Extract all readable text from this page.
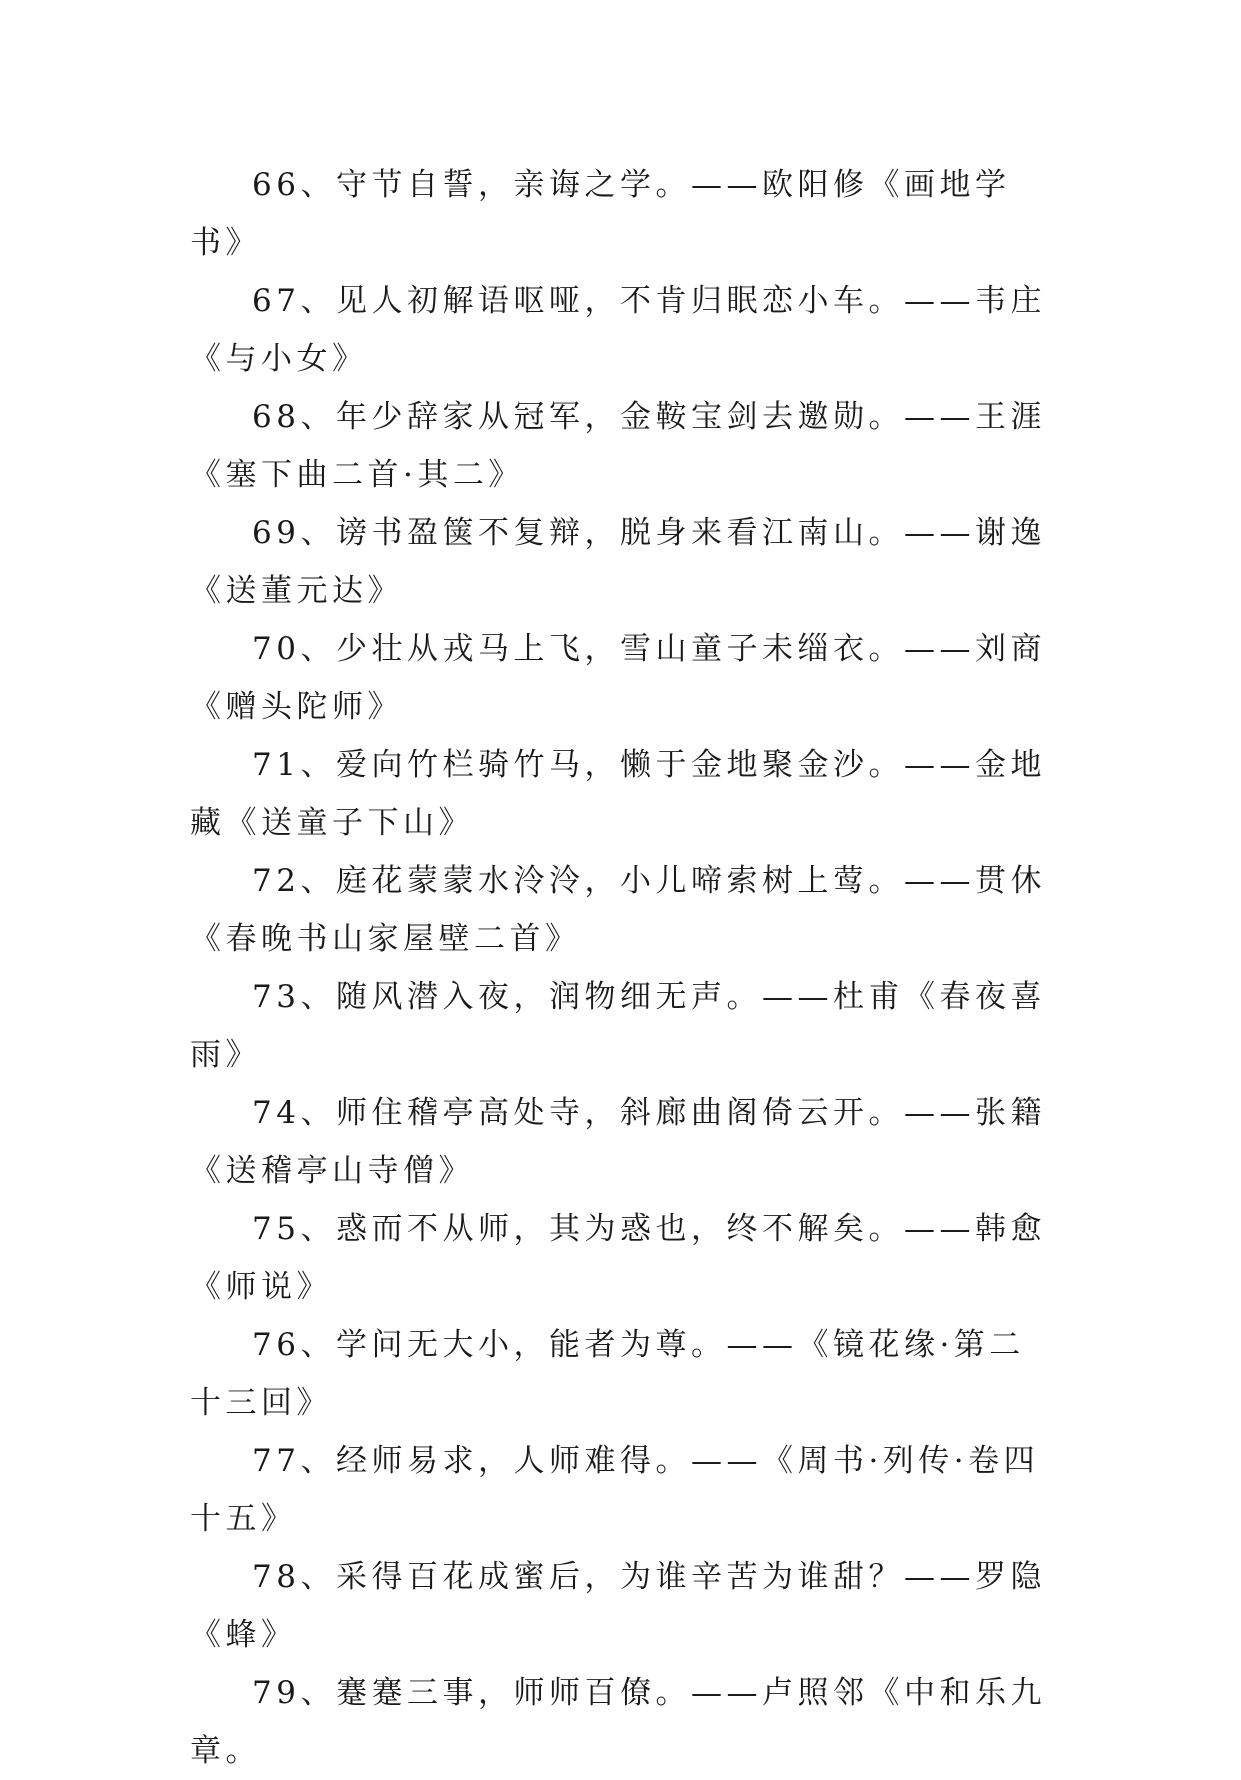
66、守节自誓，亲诲之学。——欧阳修《画地学书》

67、见人初解语呕哑，不肯归眠恋小车。——韦庄《与小女》

68、年少辞家从冠军，金鞍宝剑去邀勋。——王涯《塞下曲二首·其二》

69、谤书盈箧不复辩，脱身来看江南山。——谢逸《送董元达》

70、少壮从戎马上飞，雪山童子未缁衣。——刘商《赠头陀师》

71、爱向竹栏骑竹马，懒于金地聚金沙。——金地藏《送童子下山》

72、庭花蒙蒙水泠泠，小儿啼索树上莺。——贯休《春晚书山家屋壁二首》

73、随风潜入夜，润物细无声。——杜甫《春夜喜雨》

74、师住稽亭高处寺，斜廊曲阁倚云开。——张籍《送稽亭山寺僧》

75、惑而不从师，其为惑也，终不解矣。——韩愈《师说》

76、学问无大小，能者为尊。——《镜花缘·第二十三回》

77、经师易求，人师难得。——《周书·列传·卷四十五》

78、采得百花成蜜后，为谁辛苦为谁甜？——罗隐《蜂》

79、蹇蹇三事，师师百僚。——卢照邻《中和乐九章。
